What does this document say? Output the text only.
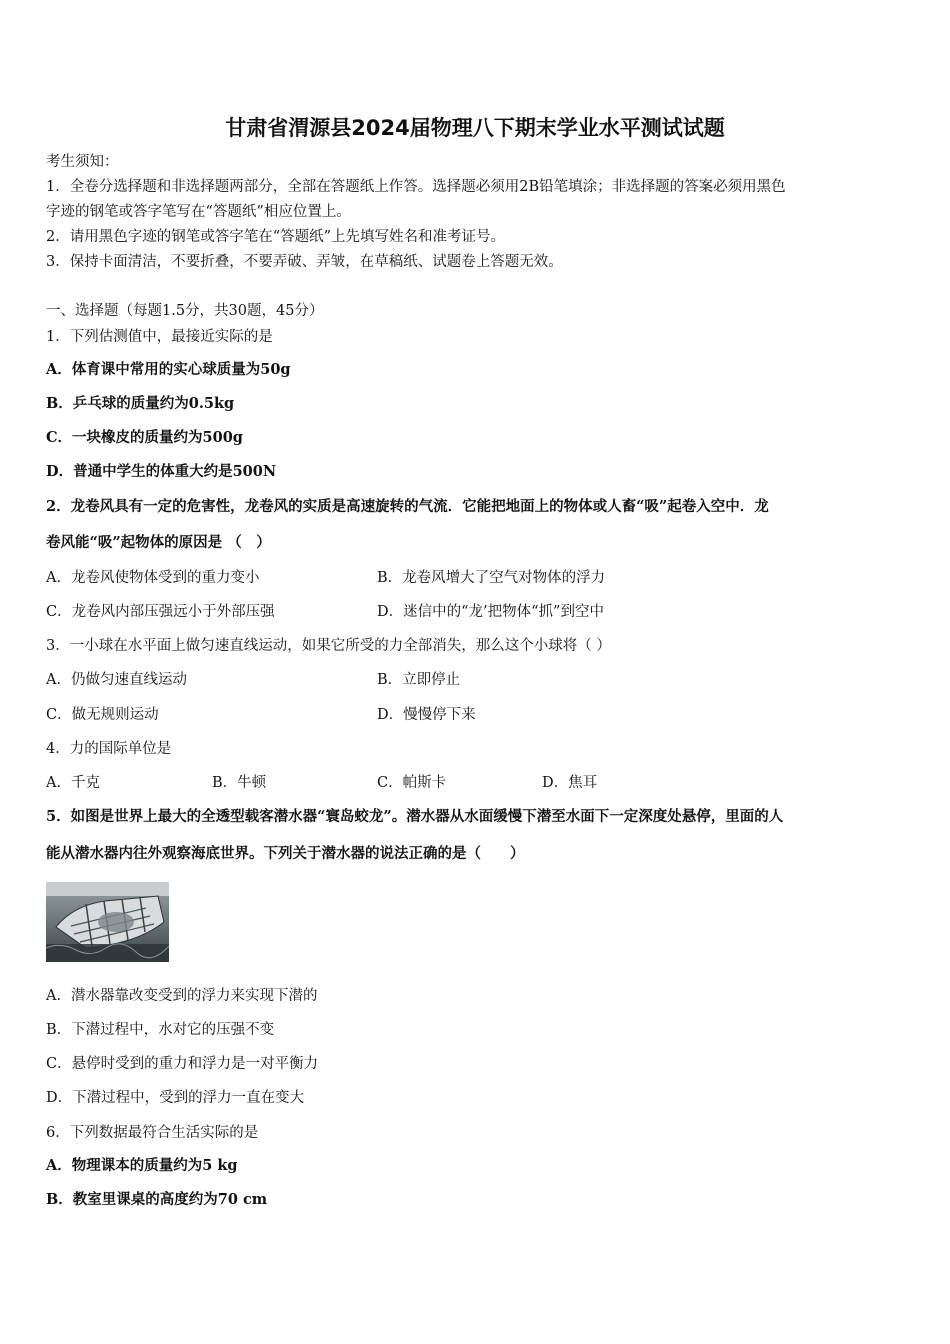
甘肃省渭源县2024届物理八下期末学业水平测试试题
考生须知：
1．全卷分选择题和非选择题两部分，全部在答题纸上作答。选择题必须用2B铅笔填涂；非选择题的答案必须用黑色
字迹的钢笔或答字笔写在“答题纸”相应位置上。
2．请用黑色字迹的钢笔或答字笔在“答题纸”上先填写姓名和准考证号。
3．保持卡面清洁，不要折叠，不要弄破、弄皱，在草稿纸、试题卷上答题无效。
一、选择题（每题1.5分，共30题，45分）
1．下列估测值中，最接近实际的是
A．体育课中常用的实心球质量为50g
B．乒乓球的质量约为0.5kg
C．一块橡皮的质量约为500g
D．普通中学生的体重大约是500N
2．龙卷风具有一定的危害性，龙卷风的实质是高速旋转的气流．它能把地面上的物体或人畜“吸”起卷入空中．龙
卷风能“吸”起物体的原因是 （　）
A．龙卷风使物体受到的重力变小	B．龙卷风增大了空气对物体的浮力
C．龙卷风内部压强远小于外部压强	D．迷信中的“龙’把物体“抓”到空中
3．一小球在水平面上做匀速直线运动，如果它所受的力全部消失，那么这个小球将（ ）
A．仍做匀速直线运动	B．立即停止
C．做无规则运动	D．慢慢停下来
4．力的国际单位是
A．千克	B．牛顿	C．帕斯卡	D．焦耳
5．如图是世界上最大的全透型载客潜水器“寰岛蛟龙”。潜水器从水面缓慢下潜至水面下一定深度处悬停，里面的人
能从潜水器内往外观察海底世界。下列关于潜水器的说法正确的是（　　）
A．潜水器靠改变受到的浮力来实现下潜的
B．下潜过程中，水对它的压强不变
C．悬停时受到的重力和浮力是一对平衡力
D．下潜过程中，受到的浮力一直在变大
6．下列数据最符合生活实际的是
A．物理课本的质量约为5 kg
B．教室里课桌的高度约为70 cm
